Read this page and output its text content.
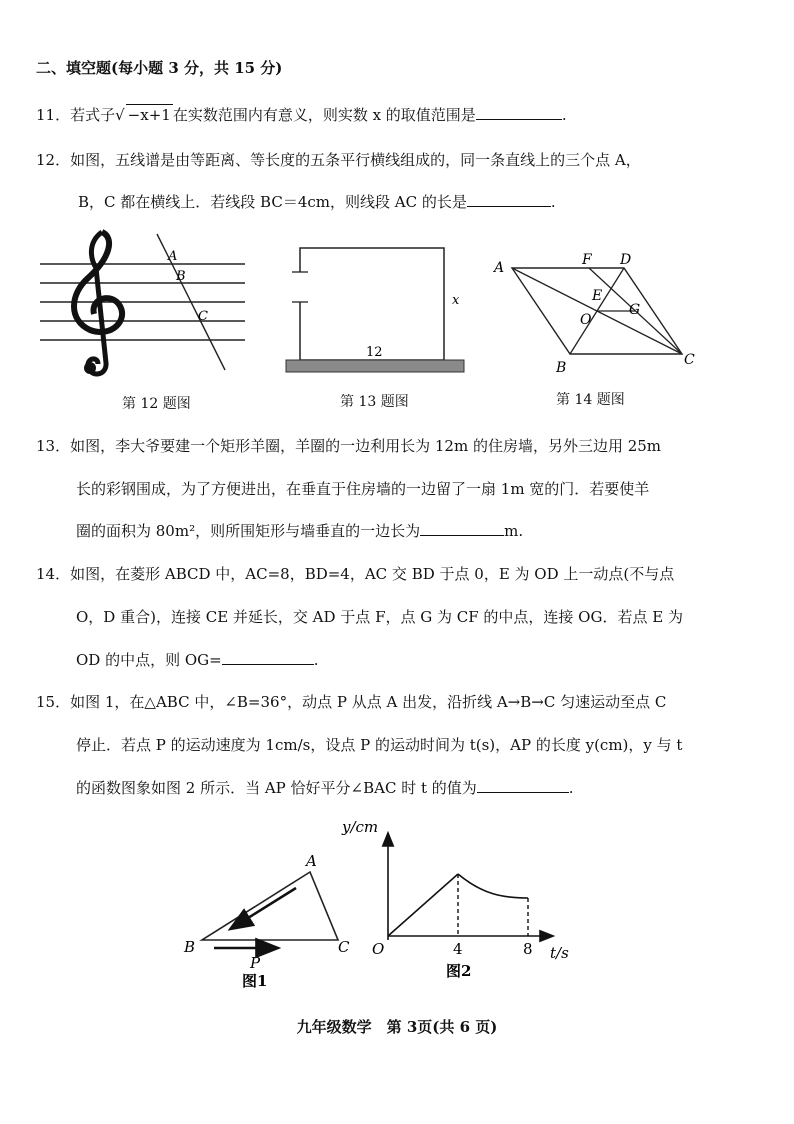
二、填空题(每小题 3 分，共 15 分)
11．若式子√ −x+1 在实数范围内有意义，则实数 x 的取值范围是	.
12．如图，五线谱是由等距离、等长度的五条平行横线组成的，同一条直线上的三个点 A，
B，C 都在横线上．若线段 BC＝4cm，则线段 AC 的长是	.
A
B
C
第 12 题图
x
12
第 13 题图
A
B	C
D
F
E
O
G
第 14 题图
13．如图，李大爷要建一个矩形羊圈，羊圈的一边利用长为 12m 的住房墙，另外三边用 25m
长的彩钢围成，为了方便进出，在垂直于住房墙的一边留了一扇 1m 宽的门．若要使羊
圈的面积为 80m²，则所围矩形与墙垂直的一边长为	m.
14．如图，在菱形 ABCD 中，AC=8，BD=4，AC 交 BD 于点 0，E 为 OD 上一动点(不与点
O，D 重合)，连接 CE 并延长，交 AD 于点 F，点 G 为 CF 的中点，连接 OG．若点 E 为
OD 的中点，则 OG=	.
15．如图 1，在△ABC 中，∠B=36°，动点 P 从点 A 出发，沿折线 A→B→C 匀速运动至点 C
停止．若点 P 的运动速度为 1cm/s，设点 P 的运动时间为 t(s)，AP 的长度 y(cm)，y 与 t
的函数图象如图 2 所示．当 AP 恰好平分∠BAC 时 t 的值为	.
A
B	C
P
图1
y/cm
t/s
O	4	8
图2
九年级数学　第 3页(共 6 页)
